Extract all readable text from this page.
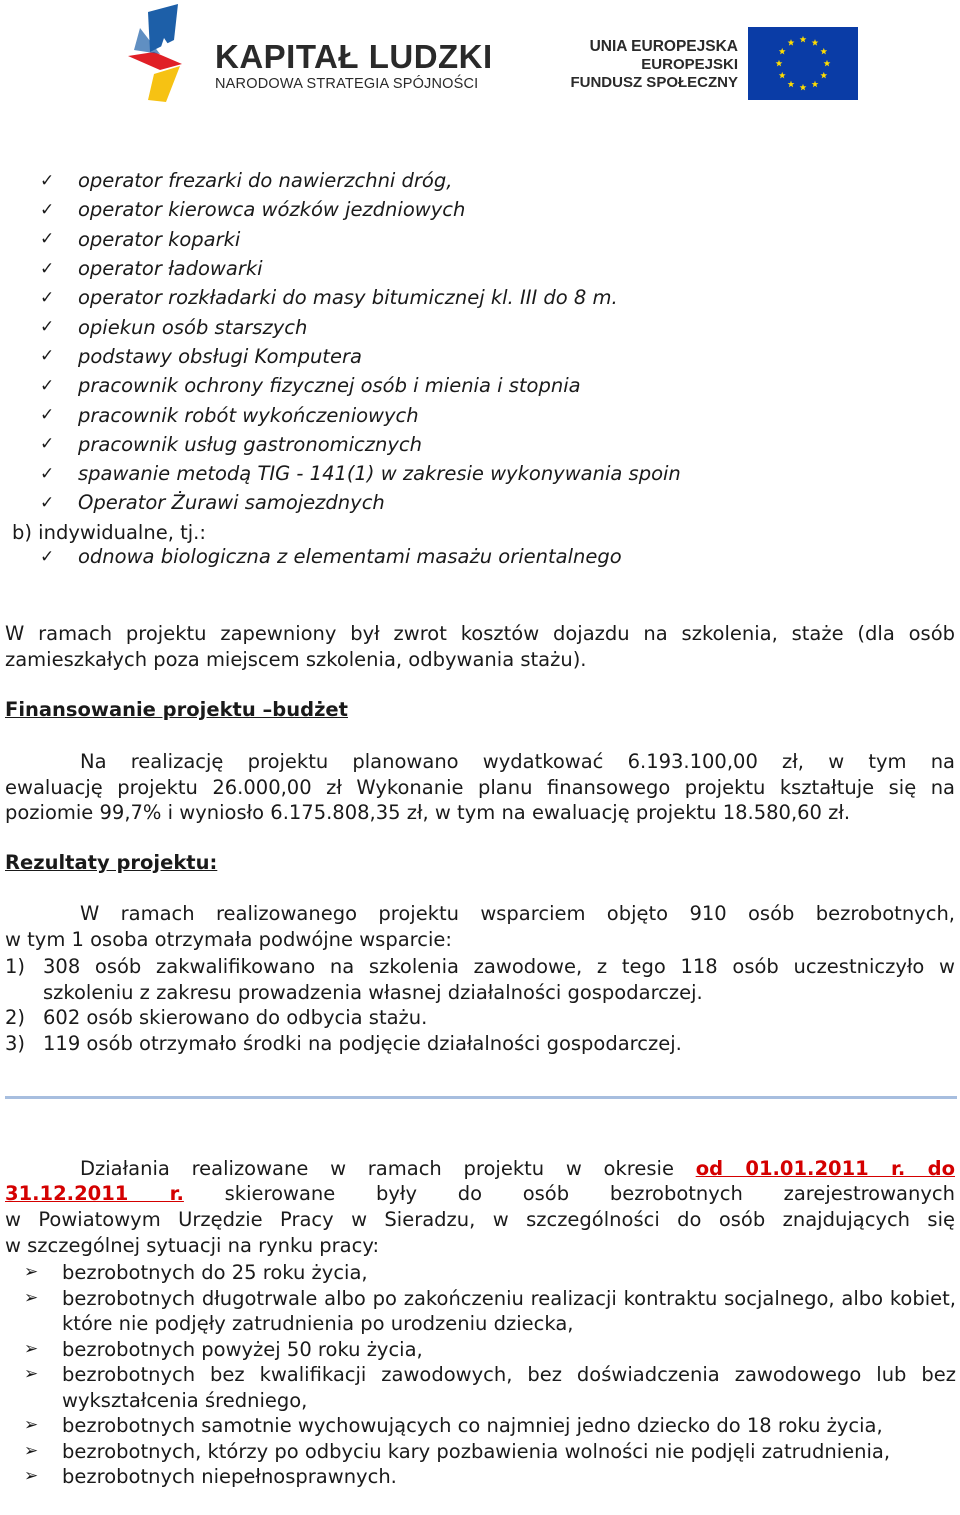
KAPITAŁ LUDZKI
NARODOWA STRATEGIA SPÓJNOŚCI
UNIA EUROPEJSKA
EUROPEJSKI
FUNDUSZ SPOŁECZNY
✓	operator frezarki do nawierzchni dróg,
✓	operator kierowca wózków jezdniowych
✓	operator koparki
✓	operator ładowarki
✓	operator rozkładarki do masy bitumicznej kl. III do 8 m.
✓	opiekun osób starszych
✓	podstawy obsługi Komputera
✓	pracownik ochrony fizycznej osób i mienia i stopnia
✓	pracownik robót wykończeniowych
✓	pracownik usług gastronomicznych
✓	spawanie metodą TIG - 141(1) w zakresie wykonywania spoin
✓	Operator Żurawi samojezdnych
b) indywidualne, tj.:
✓	odnowa biologiczna z elementami masażu orientalnego
W ramach projektu zapewniony był zwrot kosztów dojazdu na szkolenia, staże (dla osób
zamieszkałych poza miejscem szkolenia, odbywania stażu).
Finansowanie projektu –budżet
Na realizację projektu planowano wydatkować 6.193.100,00 zł, w tym na
ewaluację projektu 26.000,00 zł Wykonanie planu finansowego projektu kształtuje się na
poziomie 99,7% i wyniosło 6.175.808,35 zł, w tym na ewaluację projektu 18.580,60 zł.
Rezultaty projektu:
W ramach realizowanego projektu wsparciem objęto 910 osób bezrobotnych,
w tym 1 osoba otrzymała podwójne wsparcie:
1) 308 osób zakwalifikowano na szkolenia zawodowe, z tego 118 osób uczestniczyło w szkoleniu z zakresu prowadzenia własnej działalności gospodarczej.
2) 602 osób skierowano do odbycia stażu.
3) 119 osób otrzymało środki na podjęcie działalności gospodarczej.
Działania realizowane w ramach projektu w okresie od 01.01.2011 r. do
31.12.2011 r. skierowane były do osób bezrobotnych zarejestrowanych
w Powiatowym Urzędzie Pracy w Sieradzu, w szczególności do osób znajdujących się
w szczególnej sytuacji na rynku pracy:
➢	bezrobotnych do 25 roku życia,
➢	bezrobotnych długotrwale albo po zakończeniu realizacji kontraktu socjalnego, albo kobiet, które nie podjęły zatrudnienia po urodzeniu dziecka,
➢	bezrobotnych powyżej 50 roku życia,
➢	bezrobotnych bez kwalifikacji zawodowych, bez doświadczenia zawodowego lub bez wykształcenia średniego,
➢	bezrobotnych samotnie wychowujących co najmniej jedno dziecko do 18 roku życia,
➢	bezrobotnych, którzy po odbyciu kary pozbawienia wolności nie podjęli zatrudnienia,
➢	bezrobotnych niepełnosprawnych.
